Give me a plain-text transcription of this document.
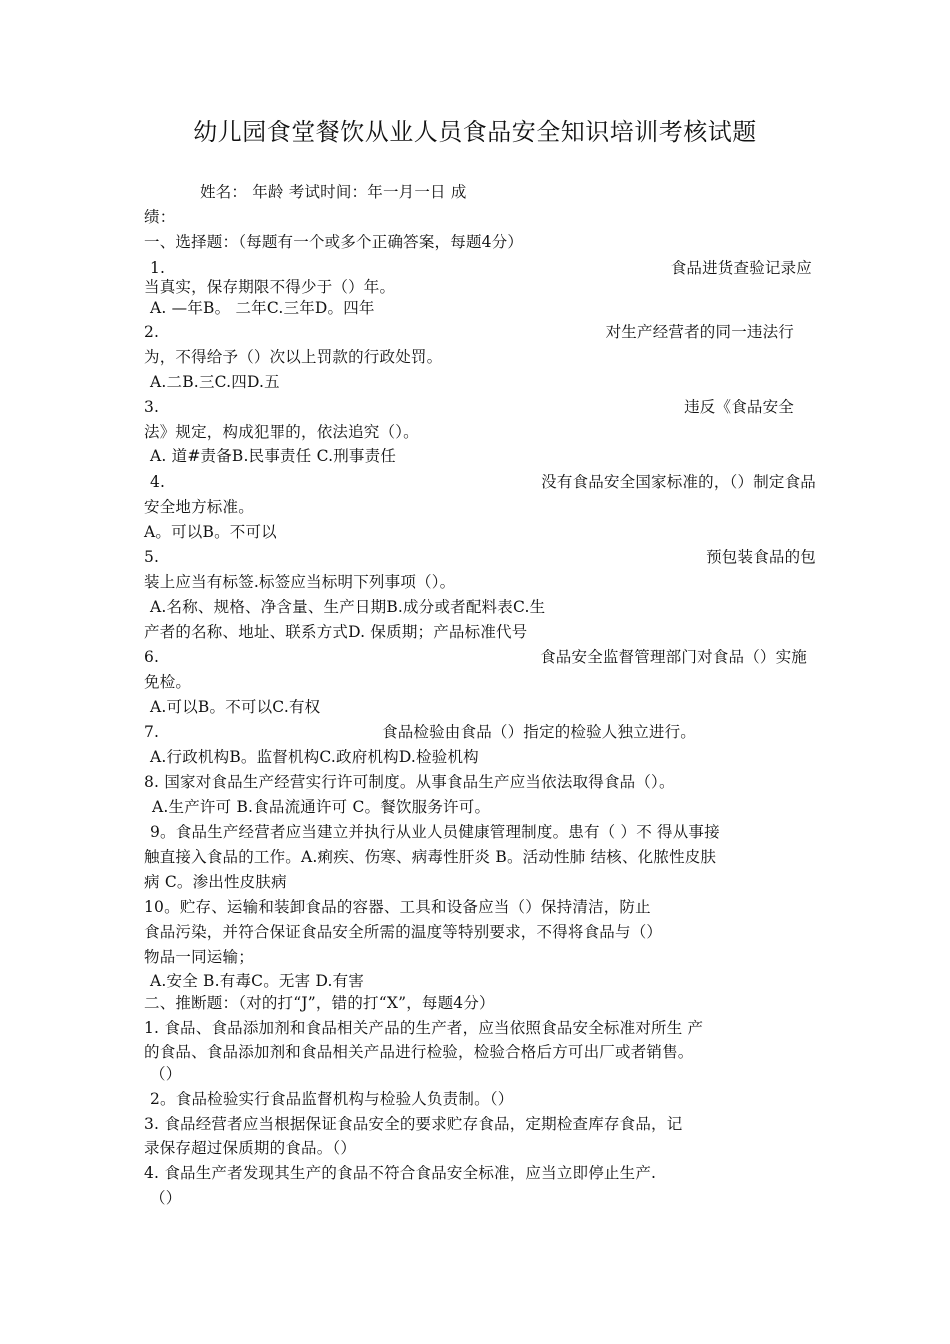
幼儿园食堂餐饮从业人员食品安全知识培训考核试题
姓名： 年龄 考试时间：年一月一日 成
绩：
一、选择题：（每题有一个或多个正确答案，每题4分）
1.	食品进货查验记录应
当真实，保存期限不得少于（）年。
A. —年B。 二年C.三年D。四年
2.	对生产经营者的同一违法行
为，不得给予（）次以上罚款的行政处罚。
A.二B.三C.四D.五
3.	违反《食品安全
法》规定，构成犯罪的，依法追究（）。
A. 道#责备B.民事责任 C.刑事责任
4.	没有食品安全国家标准的，（）制定食品
安全地方标准。
A。可以B。不可以
5.	预包装食品的包
装上应当有标签.标签应当标明下列事项（）。
A.名称、规格、净含量、生产日期B.成分或者配料表C.生
产者的名称、地址、联系方式D. 保质期；产品标准代号
6.	食品安全监督管理部门对食品（）实施
免检。
A.可以B。不可以C.有权
7.	食品检验由食品（）指定的检验人独立进行。
A.行政机构B。监督机构C.政府机构D.检验机构
8. 国家对食品生产经营实行许可制度。从事食品生产应当依法取得食品（）。
A.生产许可 B.食品流通许可 C。餐饮服务许可。
9。食品生产经营者应当建立并执行从业人员健康管理制度。患有（ ）不 得从事接
触直接入食品的工作。A.痢疾、伤寒、病毒性肝炎 B。活动性肺 结核、化脓性皮肤
病 C。渗出性皮肤病
10。贮存、运输和装卸食品的容器、工具和设备应当（）保持清洁，防止
食品污染，并符合保证食品安全所需的温度等特别要求，不得将食品与（）
物品一同运输；
A.安全 B.有毒C。无害 D.有害
二、推断题：（对的打“J”，错的打“X”，每题4分）
1. 食品、食品添加剂和食品相关产品的生产者，应当依照食品安全标准对所生 产
的食品、食品添加剂和食品相关产品进行检验，检验合格后方可出厂或者销售。
（）
2。食品检验实行食品监督机构与检验人负责制。（）
3. 食品经营者应当根据保证食品安全的要求贮存食品，定期检查库存食品，记
录保存超过保质期的食品。（）
4. 食品生产者发现其生产的食品不符合食品安全标准，应当立即停止生产.
（）
